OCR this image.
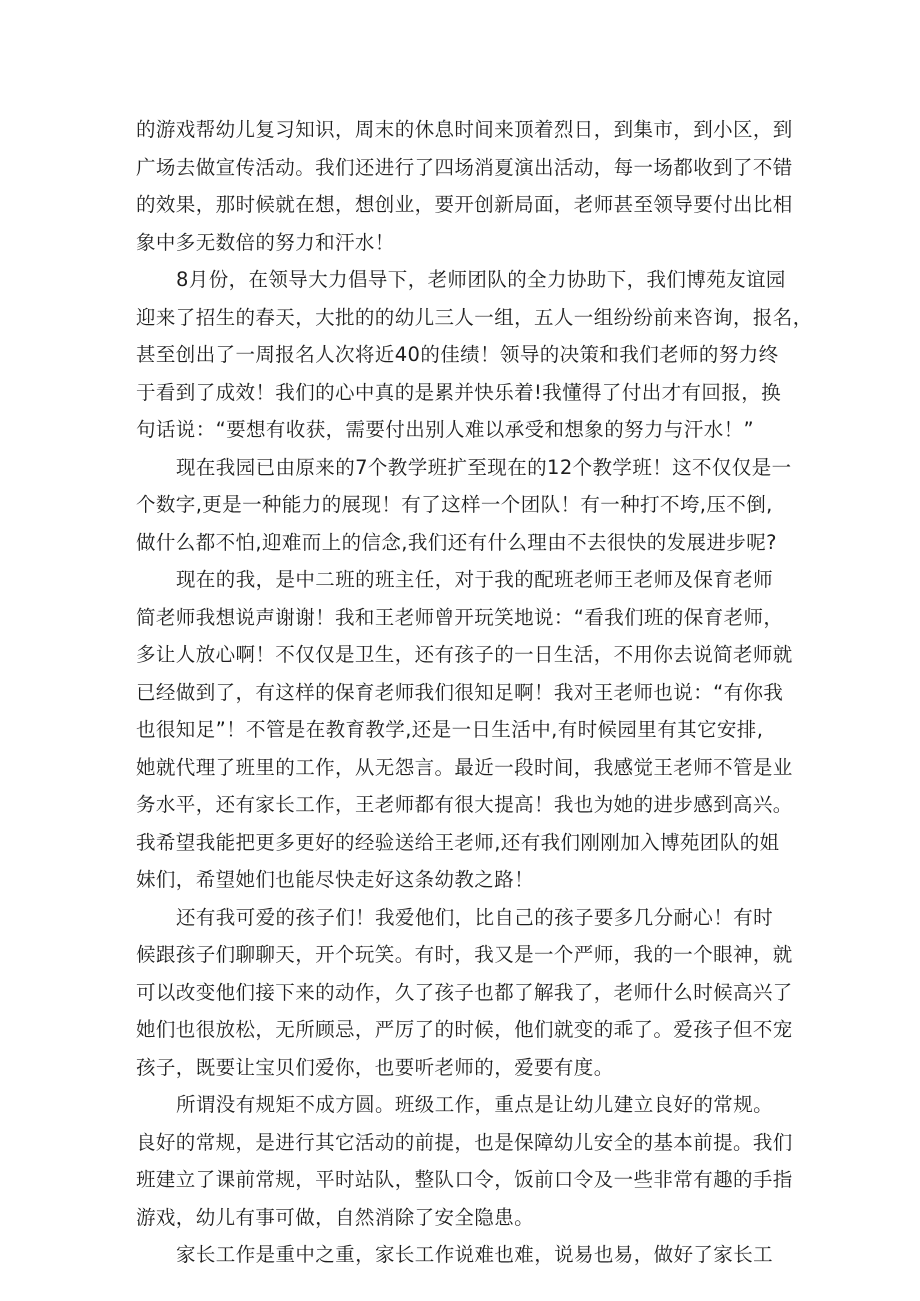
的游戏帮幼儿复习知识，周末的休息时间来顶着烈日，到集市，到小区，到
广场去做宣传活动。我们还进行了四场消夏演出活动，每一场都收到了不错
的效果，那时候就在想，想创业，要开创新局面，老师甚至领导要付出比相
象中多无数倍的努力和汗水！
8月份，在领导大力倡导下，老师团队的全力协助下，我们博苑友谊园
迎来了招生的春天，大批的的幼儿三人一组，五人一组纷纷前来咨询，报名，
甚至创出了一周报名人次将近40的佳绩！领导的决策和我们老师的努力终
于看到了成效！我们的心中真的是累并快乐着!我懂得了付出才有回报，换
句话说：“要想有收获，需要付出别人难以承受和想象的努力与汗水！”
现在我园已由原来的7个教学班扩至现在的12个教学班！这不仅仅是一
个数字,更是一种能力的展现！有了这样一个团队！有一种打不垮,压不倒,
做什么都不怕,迎难而上的信念,我们还有什么理由不去很快的发展进步呢?
现在的我，是中二班的班主任，对于我的配班老师王老师及保育老师
简老师我想说声谢谢！我和王老师曾开玩笑地说：“看我们班的保育老师，
多让人放心啊！不仅仅是卫生，还有孩子的一日生活，不用你去说简老师就
已经做到了，有这样的保育老师我们很知足啊！我对王老师也说：“有你我
也很知足”！不管是在教育教学,还是一日生活中,有时候园里有其它安排,
她就代理了班里的工作，从无怨言。最近一段时间，我感觉王老师不管是业
务水平，还有家长工作，王老师都有很大提高！我也为她的进步感到高兴。
我希望我能把更多更好的经验送给王老师,还有我们刚刚加入博苑团队的姐
妹们，希望她们也能尽快走好这条幼教之路！
还有我可爱的孩子们！我爱他们，比自己的孩子要多几分耐心！有时
候跟孩子们聊聊天，开个玩笑。有时，我又是一个严师，我的一个眼神，就
可以改变他们接下来的动作，久了孩子也都了解我了，老师什么时候高兴了
她们也很放松，无所顾忌，严厉了的时候，他们就变的乖了。爱孩子但不宠
孩子，既要让宝贝们爱你，也要听老师的，爱要有度。
所谓没有规矩不成方圆。班级工作，重点是让幼儿建立良好的常规。
良好的常规，是进行其它活动的前提，也是保障幼儿安全的基本前提。我们
班建立了课前常规，平时站队，整队口令，饭前口令及一些非常有趣的手指
游戏，幼儿有事可做，自然消除了安全隐患。
家长工作是重中之重，家长工作说难也难，说易也易，做好了家长工
